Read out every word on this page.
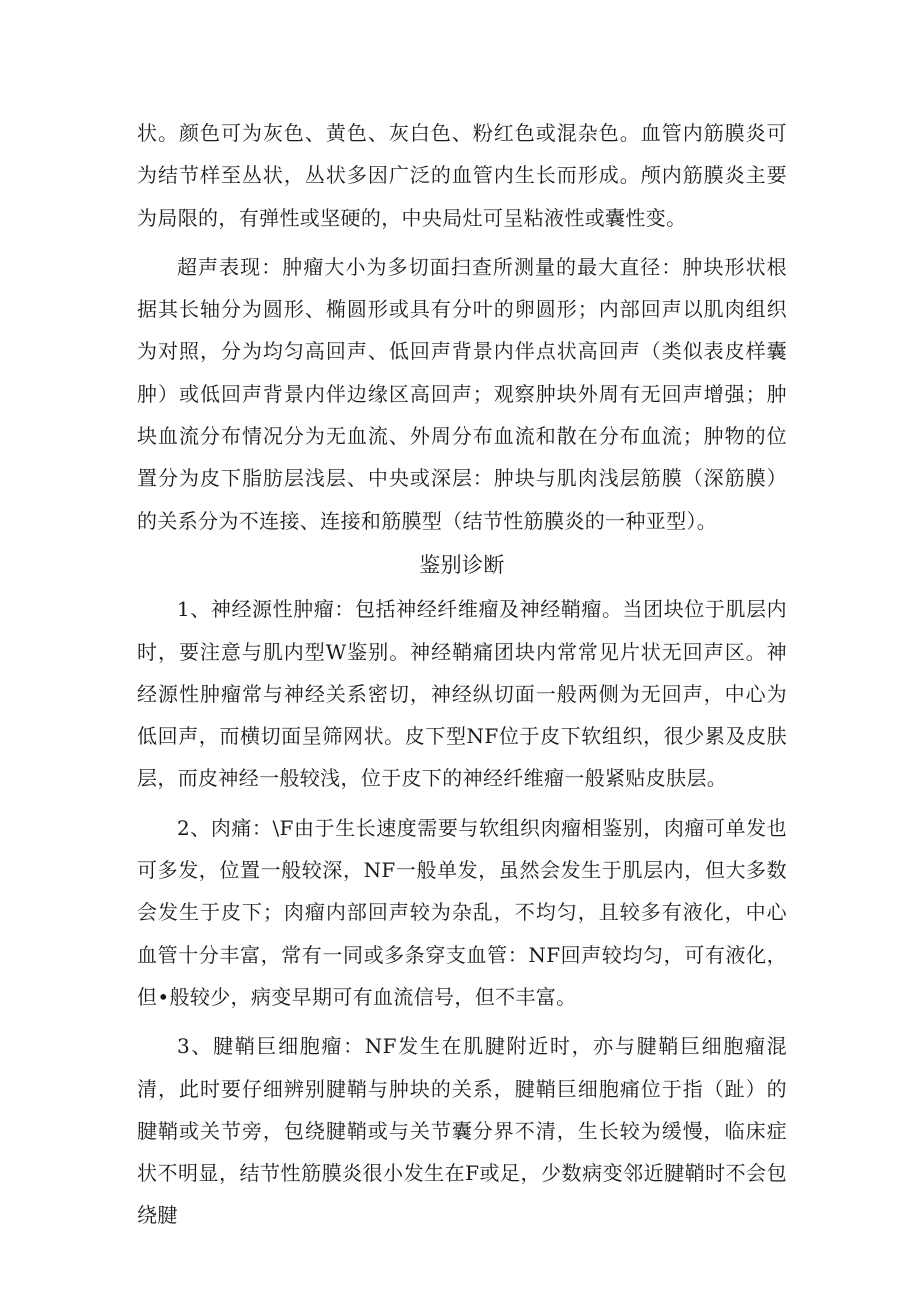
状。颜色可为灰色、黄色、灰白色、粉红色或混杂色。血管内筋膜炎可为结节样至丛状，丛状多因广泛的血管内生长而形成。颅内筋膜炎主要为局限的，有弹性或坚硬的，中央局灶可呈粘液性或囊性变。

超声表现：肿瘤大小为多切面扫查所测量的最大直径：肿块形状根据其长轴分为圆形、椭圆形或具有分叶的卵圆形；内部回声以肌肉组织为对照，分为均匀高回声、低回声背景内伴点状高回声（类似表皮样囊肿）或低回声背景内伴边缘区高回声；观察肿块外周有无回声增强；肿块血流分布情况分为无血流、外周分布血流和散在分布血流；肿物的位置分为皮下脂肪层浅层、中央或深层：肿块与肌肉浅层筋膜（深筋膜）的关系分为不连接、连接和筋膜型（结节性筋膜炎的一种亚型）。

鉴别诊断

1、神经源性肿瘤：包括神经纤维瘤及神经鞘瘤。当团块位于肌层内时，要注意与肌内型W鉴别。神经鞘痛团块内常常见片状无回声区。神经源性肿瘤常与神经关系密切，神经纵切面一般两侧为无回声，中心为低回声，而横切面呈筛网状。皮下型NF位于皮下软组织，很少累及皮肤层，而皮神经一般较浅，位于皮下的神经纤维瘤一般紧贴皮肤层。

2、肉痛：\F由于生长速度需要与软组织肉瘤相鉴别，肉瘤可单发也可多发，位置一般较深，NF一般单发，虽然会发生于肌层内，但大多数会发生于皮下；肉瘤内部回声较为杂乱，不均匀，且较多有液化，中心血管十分丰富，常有一同或多条穿支血管：NF回声较均匀，可有液化，但•般较少，病变早期可有血流信号，但不丰富。

3、腱鞘巨细胞瘤：NF发生在肌腱附近时，亦与腱鞘巨细胞瘤混清，此时要仔细辨别腱鞘与肿块的关系，腱鞘巨细胞痛位于指（趾）的腱鞘或关节旁，包绕腱鞘或与关节囊分界不清，生长较为缓慢，临床症状不明显，结节性筋膜炎很小发生在F或足，少数病变邻近腱鞘时不会包绕腱
